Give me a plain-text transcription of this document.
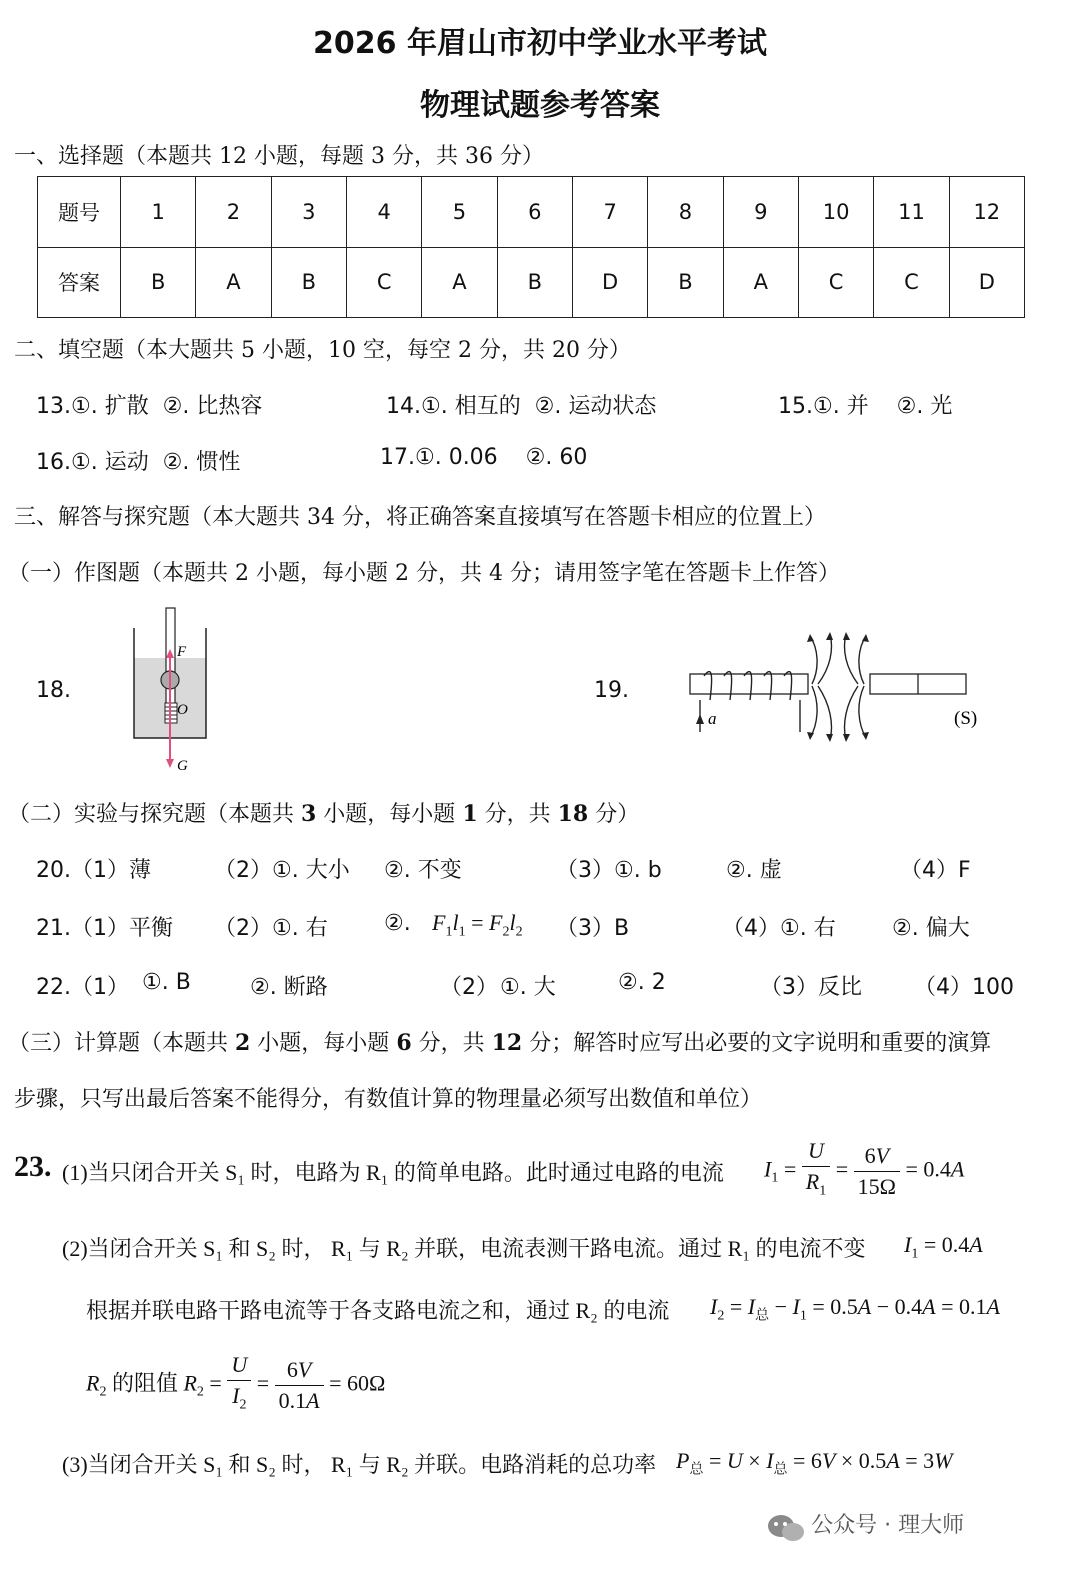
2026 年眉山市初中学业水平考试
物理试题参考答案
一、选择题（本题共 12 小题，每题 3 分，共 36 分）
题号	1	2	3	4	5	6	7	8	9	10	11	12
答案	B	A	B	C	A	B	D	B	A	C	C	D
二、填空题（本大题共 5 小题，10 空，每空 2 分，共 20 分）
13.①. 扩散  ②. 比热容	14.①. 相互的  ②. 运动状态	15.①. 并    ②. 光
16.①. 运动  ②. 惯性	17.①. 0.06    ②. 60
三、解答与探究题（本大题共 34 分，将正确答案直接填写在答题卡相应的位置上）
（一）作图题（本题共 2 小题，每小题 2 分，共 4 分；请用签字笔在答题卡上作答）
18.	19.
F
O
G
a	(S)
（二）实验与探究题（本题共 3 小题，每小题 1 分，共 18 分）
20.（1）薄	（2）①. 大小 ②. 不变	（3）①. b	②. 虚	（4）F
21.（1）平衡 （2）①. 右	②. $F_1l_1 = F_2l_2$ （3）B	（4）①. 右	②. 偏大
22.（1） ①. B	②. 断路	（2） ①. 大	②. 2	（3）反比 （4）100
（三）计算题（本题共 2 小题，每小题 6 分，共 12 分；解答时应写出必要的文字说明和重要的演算
步骤，只写出最后答案不能得分，有数值计算的物理量必须写出数值和单位）
23. (1)当只闭合开关 S₁ 时，电路为 R₁ 的简单电路。此时通过电路的电流 $I_1 = \frac{U}{R_1} = \frac{6V}{15\Omega} = 0.4A$
(2)当闭合开关 S₁ 和 S₂ 时， R₁ 与 R₂ 并联，电流表测干路电流。通过 R₁ 的电流不变 $I_1 = 0.4A$
根据并联电路干路电流等于各支路电流之和，通过 R₂ 的电流 $I_2 = I_总 - I_1 = 0.5A - 0.4A = 0.1A$
$R_2$ 的阻值 $R_2 = \frac{U}{I_2} = \frac{6V}{0.1A} = 60\Omega$
(3)当闭合开关 S₁ 和 S₂ 时， R₁ 与 R₂ 并联。电路消耗的总功率 $P_总 = U \times I_总 = 6V \times 0.5A = 3W$
公众号 · 理大师
